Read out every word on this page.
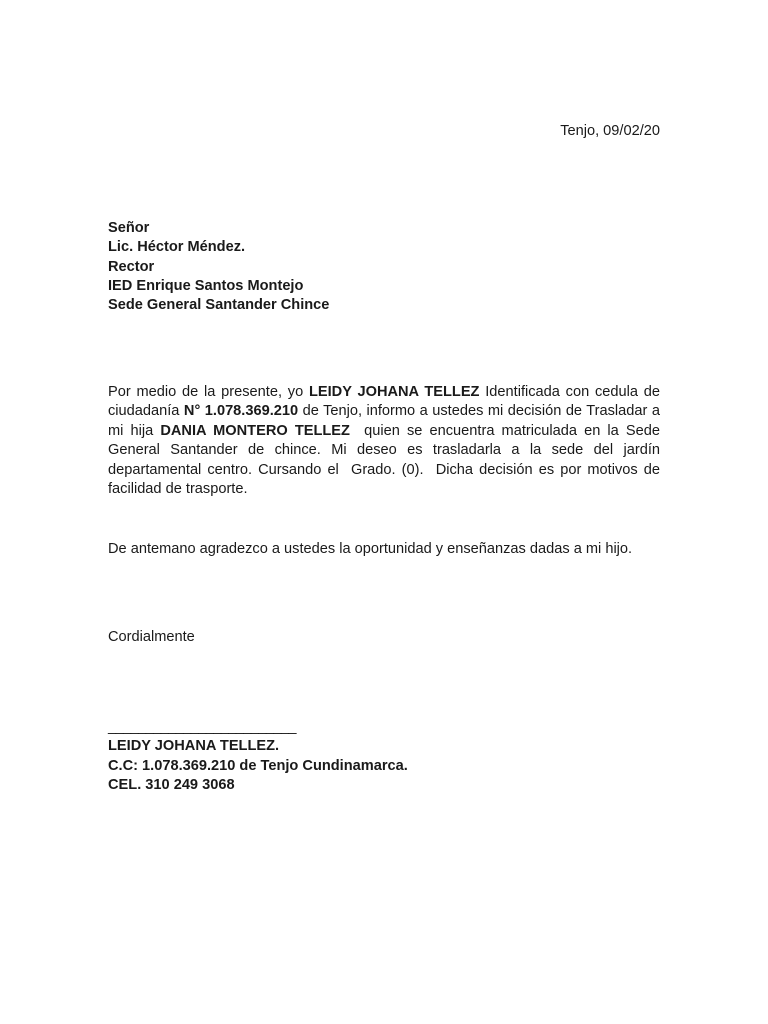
Tenjo, 09/02/20
Señor
Lic. Héctor Méndez.
Rector
IED Enrique Santos Montejo
Sede General Santander Chince

Por medio de la presente, yo LEIDY JOHANA TELLEZ Identificada con cedula de ciudadanía N° 1.078.369.210 de Tenjo, informo a ustedes mi decisión de Trasladar a mi hija DANIA MONTERO TELLEZ  quien se encuentra matriculada en la Sede General Santander de chince. Mi deseo es trasladarla a la sede del jardín departamental centro. Cursando el  Grado. (0).  Dicha decisión es por motivos de facilidad de trasporte.

De antemano agradezco a ustedes la oportunidad y enseñanzas dadas a mi hijo.
Cordialmente
_________________________
LEIDY JOHANA TELLEZ.
C.C: 1.078.369.210 de Tenjo Cundinamarca.
CEL. 310 249 3068
